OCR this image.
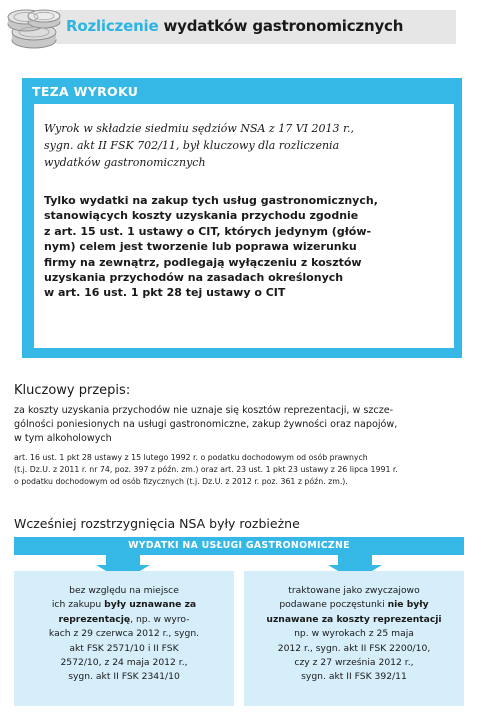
Rozliczenie wydatków gastronomicznych
TEZA WYROKU
Wyrok w składzie siedmiu sędziów NSA z 17 VI 2013 r.,
sygn. akt II FSK 702/11, był kluczowy dla rozliczenia
wydatków gastronomicznych
Tylko wydatki na zakup tych usług gastronomicznych,
stanowiących koszty uzyskania przychodu zgodnie
z art. 15 ust. 1 ustawy o CIT, których jedynym (głów-
nym) celem jest tworzenie lub poprawa wizerunku
firmy na zewnątrz, podlegają wyłączeniu z kosztów
uzyskania przychodów na zasadach określonych
w art. 16 ust. 1 pkt 28 tej ustawy o CIT
Kluczowy przepis:
za koszty uzyskania przychodów nie uznaje się kosztów reprezentacji, w szcze-
gólności poniesionych na usługi gastronomiczne, zakup żywności oraz napojów,
w tym alkoholowych
art. 16 ust. 1 pkt 28 ustawy z 15 lutego 1992 r. o podatku dochodowym od osób prawnych
(t.j. Dz.U. z 2011 r. nr 74, poz. 397 z późn. zm.) oraz art. 23 ust. 1 pkt 23 ustawy z 26 lipca 1991 r.
o podatku dochodowym od osób fizycznych (t.j. Dz.U. z 2012 r. poz. 361 z późn. zm.).
Wcześniej rozstrzygnięcia NSA były rozbieżne
WYDATKI NA USŁUGI GASTRONOMICZNE
bez względu na miejsce
ich zakupu były uznawane za
reprezentację, np. w wyro-
kach z 29 czerwca 2012 r., sygn.
akt FSK 2571/10 i II FSK
2572/10, z 24 maja 2012 r.,
sygn. akt II FSK 2341/10
traktowane jako zwyczajowo
podawane poczęstunki nie były
uznawane za koszty reprezentacji
np. w wyrokach z 25 maja
2012 r., sygn. akt II FSK 2200/10,
czy z 27 września 2012 r.,
sygn. akt II FSK 392/11
